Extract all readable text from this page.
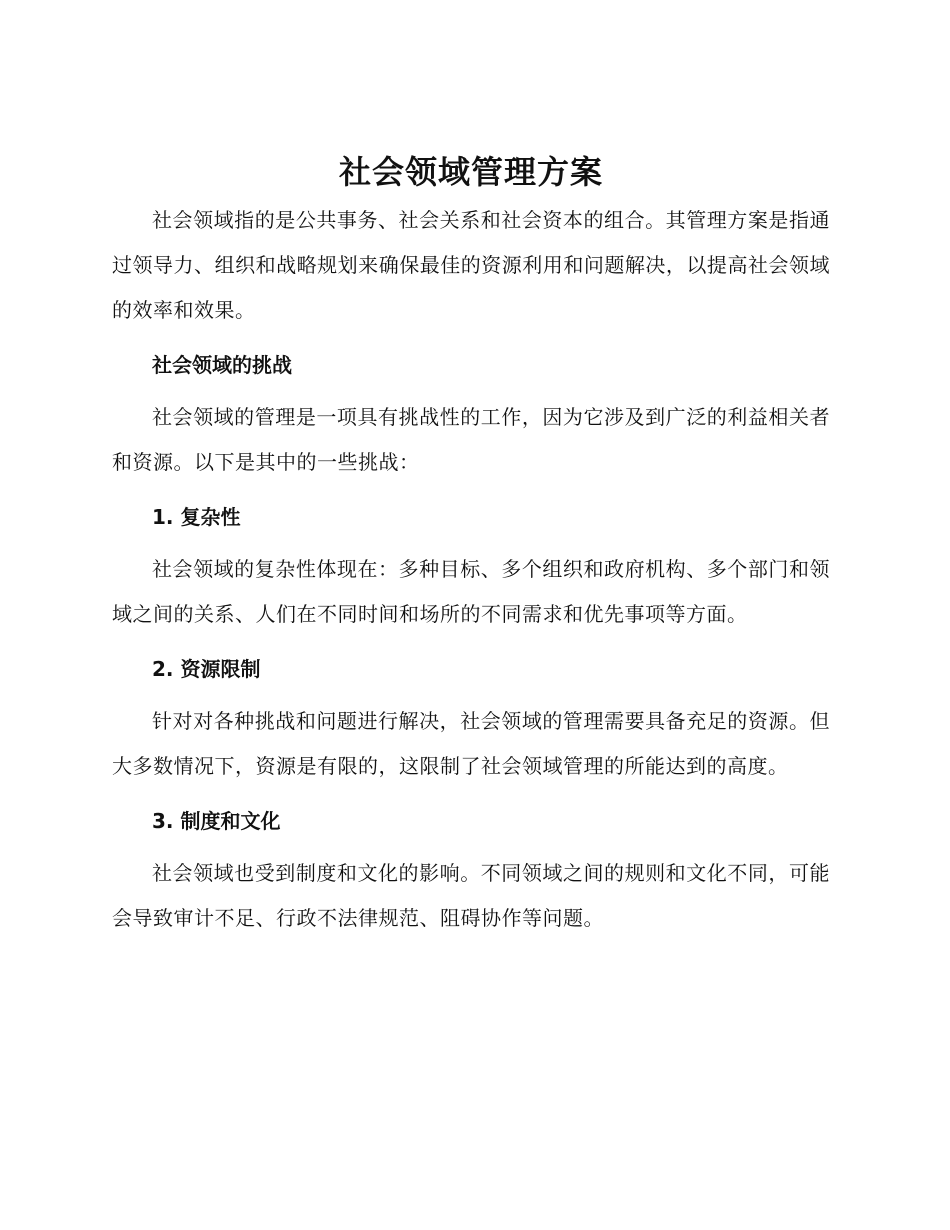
社会领域管理方案

社会领域指的是公共事务、社会关系和社会资本的组合。其管理方案是指通过领导力、组织和战略规划来确保最佳的资源利用和问题解决，以提高社会领域的效率和效果。

社会领域的挑战

社会领域的管理是一项具有挑战性的工作，因为它涉及到广泛的利益相关者和资源。以下是其中的一些挑战：

1. 复杂性

社会领域的复杂性体现在：多种目标、多个组织和政府机构、多个部门和领域之间的关系、人们在不同时间和场所的不同需求和优先事项等方面。

2. 资源限制

针对对各种挑战和问题进行解决，社会领域的管理需要具备充足的资源。但大多数情况下，资源是有限的，这限制了社会领域管理的所能达到的高度。

3. 制度和文化

社会领域也受到制度和文化的影响。不同领域之间的规则和文化不同，可能会导致审计不足、行政不法律规范、阻碍协作等问题。
